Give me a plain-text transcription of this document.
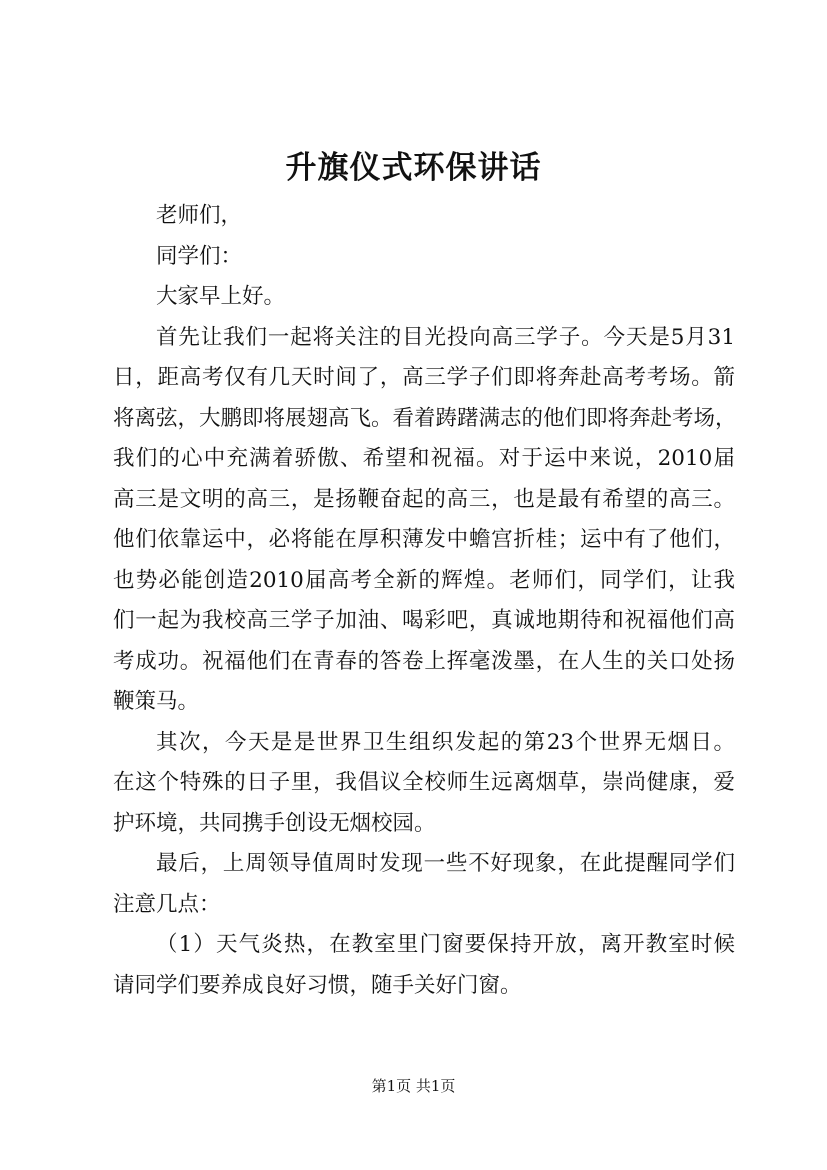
升旗仪式环保讲话
老师们，
同学们：
大家早上好。
首先让我们一起将关注的目光投向高三学子。今天是5月31
日，距高考仅有几天时间了，高三学子们即将奔赴高考考场。箭
将离弦，大鹏即将展翅高飞。看着踌躇满志的他们即将奔赴考场，
我们的心中充满着骄傲、希望和祝福。对于运中来说，2010届
高三是文明的高三，是扬鞭奋起的高三，也是最有希望的高三。
他们依靠运中，必将能在厚积薄发中蟾宫折桂；运中有了他们，
也势必能创造2010届高考全新的辉煌。老师们，同学们，让我
们一起为我校高三学子加油、喝彩吧，真诚地期待和祝福他们高
考成功。祝福他们在青春的答卷上挥毫泼墨，在人生的关口处扬
鞭策马。
其次，今天是是世界卫生组织发起的第23个世界无烟日。
在这个特殊的日子里，我倡议全校师生远离烟草，崇尚健康，爱
护环境，共同携手创设无烟校园。
最后，上周领导值周时发现一些不好现象，在此提醒同学们
注意几点：
（1）天气炎热，在教室里门窗要保持开放，离开教室时候
请同学们要养成良好习惯，随手关好门窗。
第1页 共1页
